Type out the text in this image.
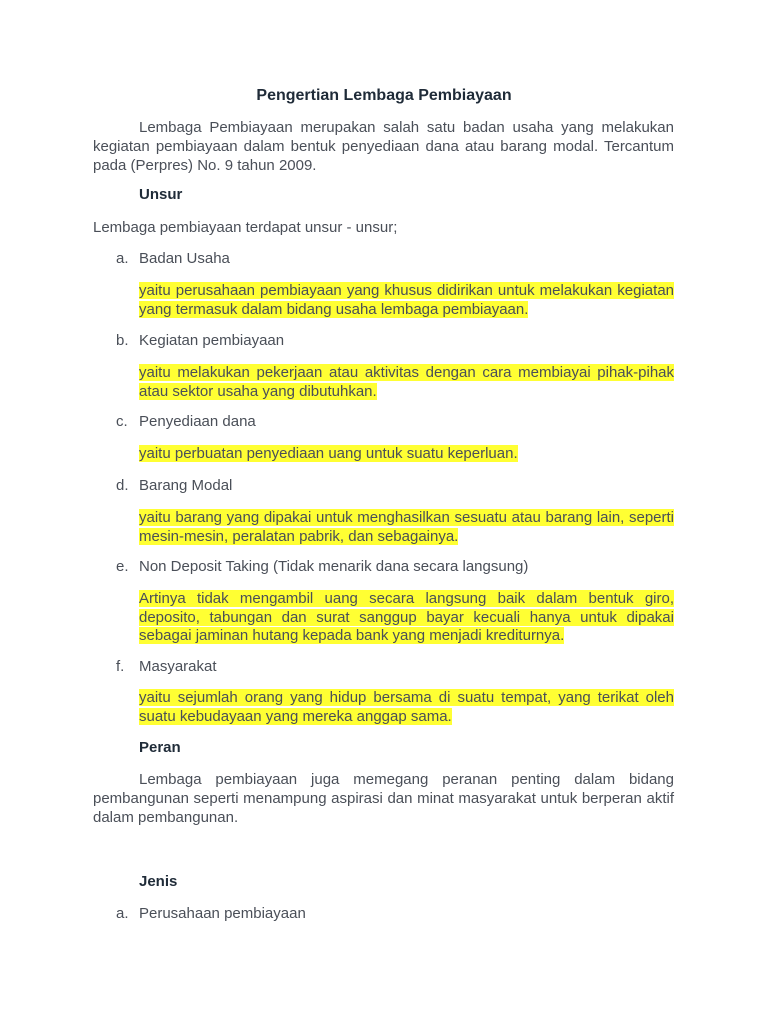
Pengertian Lembaga Pembiayaan
Lembaga Pembiayaan merupakan salah satu badan usaha yang melakukan kegiatan pembiayaan dalam bentuk penyediaan dana atau barang modal. Tercantum pada (Perpres) No. 9 tahun 2009.
Unsur
Lembaga pembiayaan terdapat unsur - unsur;
a. Badan Usaha
yaitu perusahaan pembiayaan yang khusus didirikan untuk melakukan kegiatan yang termasuk dalam bidang usaha lembaga pembiayaan.
b. Kegiatan pembiayaan
yaitu melakukan pekerjaan atau aktivitas dengan cara membiayai pihak-pihak atau sektor usaha yang dibutuhkan.
c. Penyediaan dana
yaitu perbuatan penyediaan uang untuk suatu keperluan.
d. Barang Modal
yaitu barang yang dipakai untuk menghasilkan sesuatu atau barang lain, seperti mesin-mesin, peralatan pabrik, dan sebagainya.
e. Non Deposit Taking (Tidak menarik dana secara langsung)
Artinya tidak mengambil uang secara langsung baik dalam bentuk giro, deposito, tabungan dan surat sanggup bayar kecuali hanya untuk dipakai sebagai jaminan hutang kepada bank yang menjadi krediturnya.
f. Masyarakat
yaitu sejumlah orang yang hidup bersama di suatu tempat, yang terikat oleh suatu kebudayaan yang mereka anggap sama.
Peran
Lembaga pembiayaan juga memegang peranan penting dalam bidang pembangunan seperti menampung aspirasi dan minat masyarakat untuk berperan aktif dalam pembangunan.
Jenis
a. Perusahaan pembiayaan
